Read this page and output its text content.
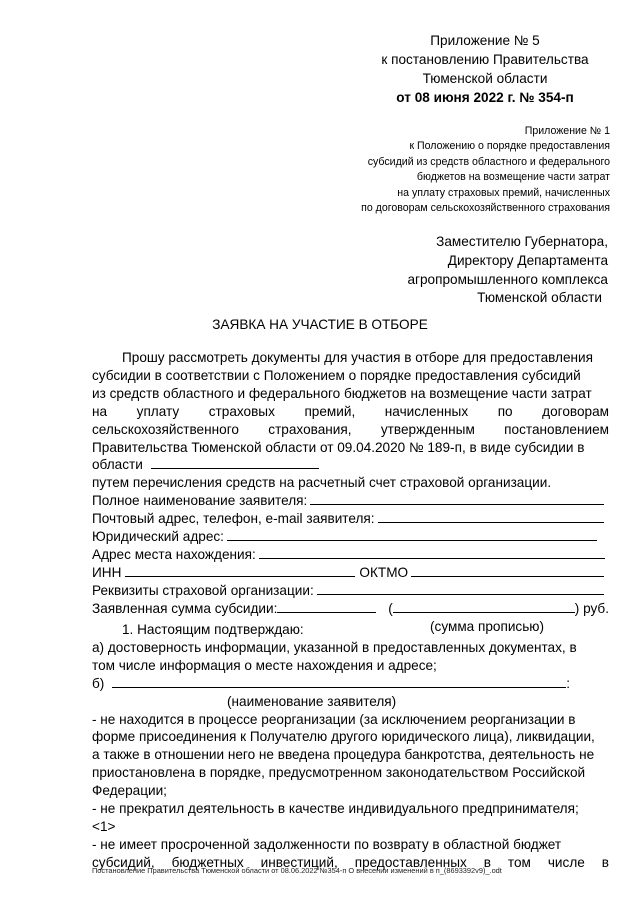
Приложение № 5
к постановлению Правительства
Тюменской области
от 08 июня 2022 г. № 354-п
Приложение № 1
к Положению о порядке предоставления
субсидий из средств областного и федерального
бюджетов на возмещение части затрат
на уплату страховых премий, начисленных
по договорам сельскохозяйственного страхования
Заместителю Губернатора,
Директору Департамента
агропромышленного комплекса
Тюменской области
ЗАЯВКА НА УЧАСТИЕ В ОТБОРЕ
Прошу рассмотреть документы для участия в отборе для предоставления
субсидии в соответствии с Положением о порядке предоставления субсидий
из средств областного и федерального бюджетов на возмещение части затрат
на уплату страховых премий, начисленных по договорам
сельскохозяйственного страхования, утвержденным постановлением
Правительства Тюменской области от 09.04.2020 № 189-п, в виде субсидии в
области
путем перечисления средств на расчетный счет страховой организации.
Полное наименование заявителя:
Почтовый адрес, телефон, e-mail заявителя:
Юридический адрес:
Адрес места нахождения:
ИНН	ОКТМО
Реквизиты страховой организации:
Заявленная сумма субсидии:	(	) руб.
(сумма прописью)
1. Настоящим подтверждаю:
а) достоверность информации, указанной в предоставленных документах, в
том числе информация о месте нахождения и адресе;
б)	:
(наименование заявителя)
- не находится в процессе реорганизации (за исключением реорганизации в
форме присоединения к Получателю другого юридического лица), ликвидации,
а также в отношении него не введена процедура банкротства, деятельность не
приостановлена в порядке, предусмотренном законодательством Российской
Федерации;
- не прекратил деятельность в качестве индивидуального предпринимателя;
<1>
- не имеет просроченной задолженности по возврату в областной бюджет
субсидий, бюджетных инвестиций, предоставленных в том числе в
Постановление Правительства Тюменской области от 08.06.2022 №354-п О внесении изменений в п_(8693392v9)_.odt
